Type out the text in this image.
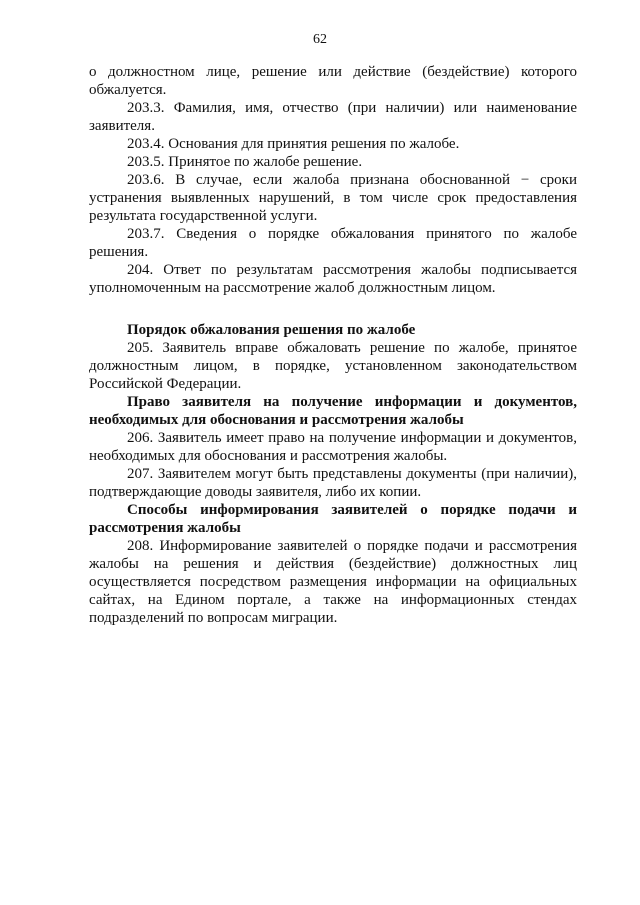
62

о должностном лице, решение или действие (бездействие) которого обжалуется.

203.3. Фамилия, имя, отчество (при наличии) или наименование заявителя.

203.4. Основания для принятия решения по жалобе.

203.5. Принятое по жалобе решение.

203.6. В случае, если жалоба признана обоснованной − сроки устранения выявленных нарушений, в том числе срок предоставления результата государственной услуги.

203.7. Сведения о порядке обжалования принятого по жалобе решения.

204. Ответ по результатам рассмотрения жалобы подписывается уполномоченным на рассмотрение жалоб должностным лицом.

Порядок обжалования решения по жалобе

205. Заявитель вправе обжаловать решение по жалобе, принятое должностным лицом, в порядке, установленном законодательством Российской Федерации.

Право заявителя на получение информации и документов, необходимых для обоснования и рассмотрения жалобы

206. Заявитель имеет право на получение информации и документов, необходимых для обоснования и рассмотрения жалобы.

207. Заявителем могут быть представлены документы (при наличии), подтверждающие доводы заявителя, либо их копии.

Способы информирования заявителей о порядке подачи и рассмотрения жалобы

208. Информирование заявителей о порядке подачи и рассмотрения жалобы на решения и действия (бездействие) должностных лиц осуществляется посредством размещения информации на официальных сайтах, на Едином портале, а также на информационных стендах подразделений по вопросам миграции.
